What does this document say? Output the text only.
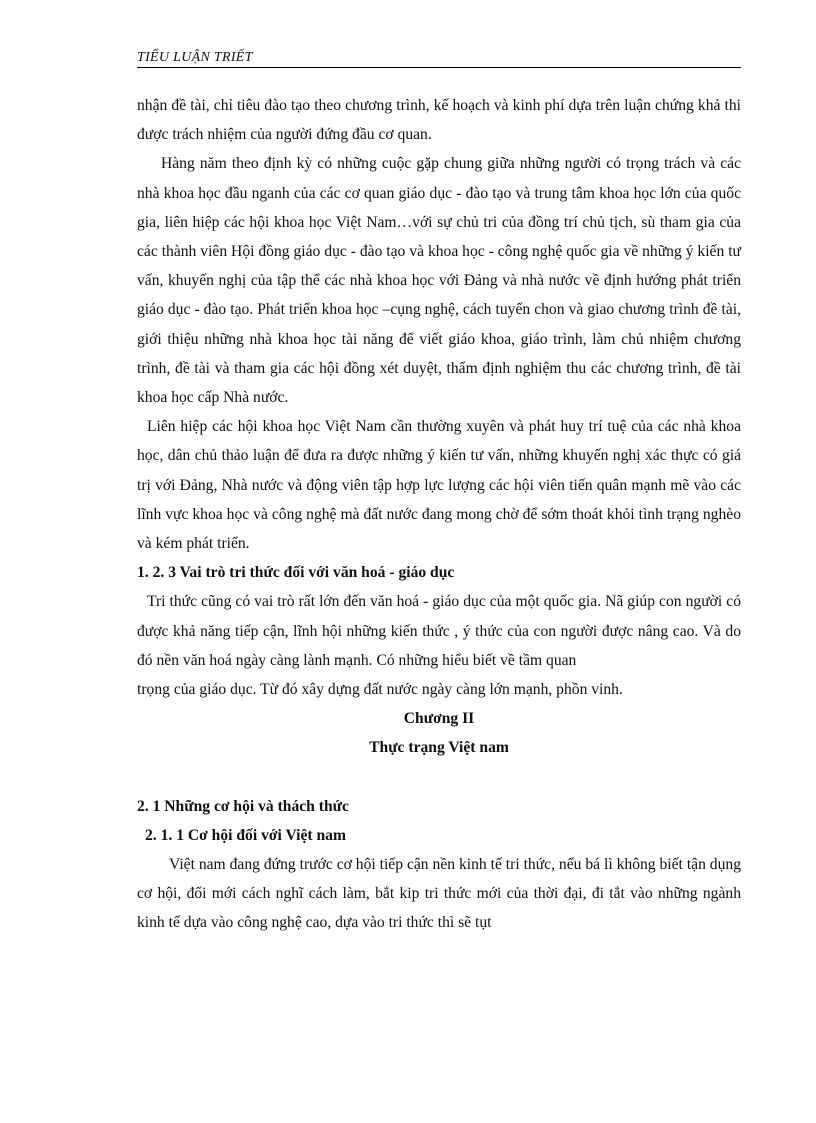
TIỂU LUẬN TRIẾT

nhận đề tài, chỉ tiêu đào tạo theo chương trình, kế hoạch và kinh phí dựa trên luận chứng khả thi được trách nhiệm của người đứng đầu cơ quan.

Hàng năm theo định kỳ có những cuộc gặp chung giữa những người có trọng trách và các nhà khoa học đầu nganh của các cơ quan giáo dục - đào tạo và trung tâm khoa học lớn của quốc gia, liên hiệp các hội khoa học Việt Nam…với sự chủ tri của đồng trí chủ tịch, sù tham gia của các thành viên Hội đồng giáo dục - đào tạo và khoa học - công nghệ quốc gia về những ý kiến tư vấn, khuyến nghị của tập thể các nhà khoa học với Đảng và nhà nước về định hướng phát triển giáo dục - đào tạo. Phát triển khoa học –cụng nghệ, cách tuyển chon và giao chương trình đề tài, giới thiệu những nhà khoa học tài năng để viết giáo khoa, giáo trình, làm chủ nhiệm chương trình, đề tài và tham gia các hội đồng xét duyệt, thẩm định nghiệm thu các chương trình, đề tài khoa học cấp Nhà nước.

Liên hiệp các hội khoa học Việt Nam cần thường xuyên và phát huy trí tuệ của các nhà khoa học, dân chủ thảo luận để đưa ra được những ý kiến tư vấn, những khuyến nghị xác thực có giá trị với Đảng, Nhà nước và động viên tập hợp lực lượng các hội viên tiến quân mạnh mẽ vào các lĩnh vực khoa học và công nghệ mà đất nước đang mong chờ để sớm thoát khỏi tình trạng nghèo và kém phát triển.

1. 2. 3 Vai trò tri thức đối với văn hoá - giáo dục

Tri thức cũng có vai trò rất lớn đến văn hoá - giáo dục của một quốc gia. Nã giúp con người có được khả năng tiếp cận, lĩnh hội những kiến thức , ý thức của con người được nâng cao. Và do đó nền văn hoá ngày càng lành mạnh. Có những hiểu biết về tầm quan

trọng của giáo dục. Từ đó xây dựng đất nước ngày càng lớn mạnh, phồn vinh.

Chương II
Thực trạng Việt nam
2. 1 Những cơ hội và thách thức
2. 1. 1 Cơ hội đối với Việt nam

Việt nam đang đứng trước cơ hội tiếp cận nền kinh tế tri thức, nếu bá lì không biết tận dụng cơ hội, đổi mới cách nghĩ cách làm, bắt kip tri thức mới của thời đại, đi tắt vào những ngành kinh tế dựa vào công nghệ cao, dựa vào tri thức thì sẽ tụt
